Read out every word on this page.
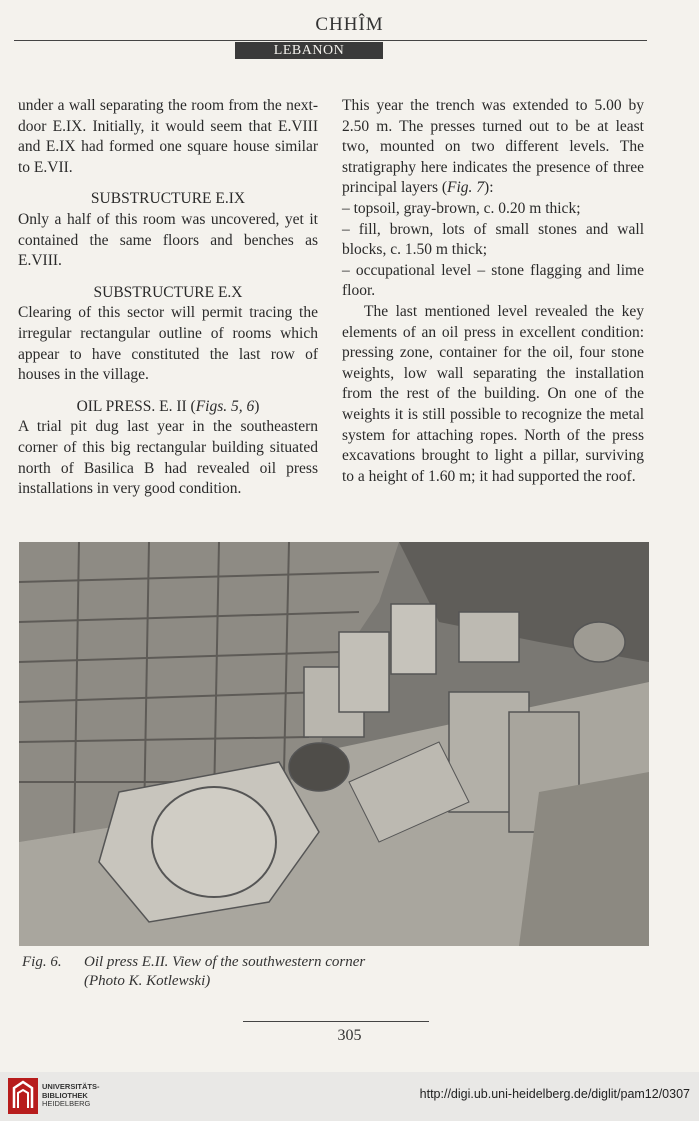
CHHÎM
LEBANON

under a wall separating the room from the next-door E.IX. Initially, it would seem that E.VIII and E.IX had formed one square house similar to E.VII.

SUBSTRUCTURE E.IX

Only a half of this room was uncovered, yet it contained the same floors and benches as E.VIII.

SUBSTRUCTURE E.X

Clearing of this sector will permit tracing the irregular rectangular outline of rooms which appear to have constituted the last row of houses in the village.

OIL PRESS. E. II (Figs. 5, 6)

A trial pit dug last year in the southeastern corner of this big rectangular building situated north of Basilica B had revealed oil press installations in very good condition.

This year the trench was extended to 5.00 by 2.50 m. The presses turned out to be at least two, mounted on two different levels. The stratigraphy here indicates the presence of three principal layers (Fig. 7):

– topsoil, gray-brown, c. 0.20 m thick;

– fill, brown, lots of small stones and wall blocks, c. 1.50 m thick;

– occupational level – stone flagging and lime floor.

The last mentioned level revealed the key elements of an oil press in excellent condition: pressing zone, container for the oil, four stone weights, low wall separating the installation from the rest of the building. On one of the weights it is still possible to recognize the metal system for attaching ropes. North of the press excavations brought to light a pillar, surviving to a height of 1.60 m; it had supported the roof.

Fig. 6. Oil press E.II. View of the southwestern corner
(Photo K. Kotlewski)
305
UNIVERSITÄTS-
BIBLIOTHEK
HEIDELBERG
http://digi.ub.uni-heidelberg.de/diglit/pam12/0307
